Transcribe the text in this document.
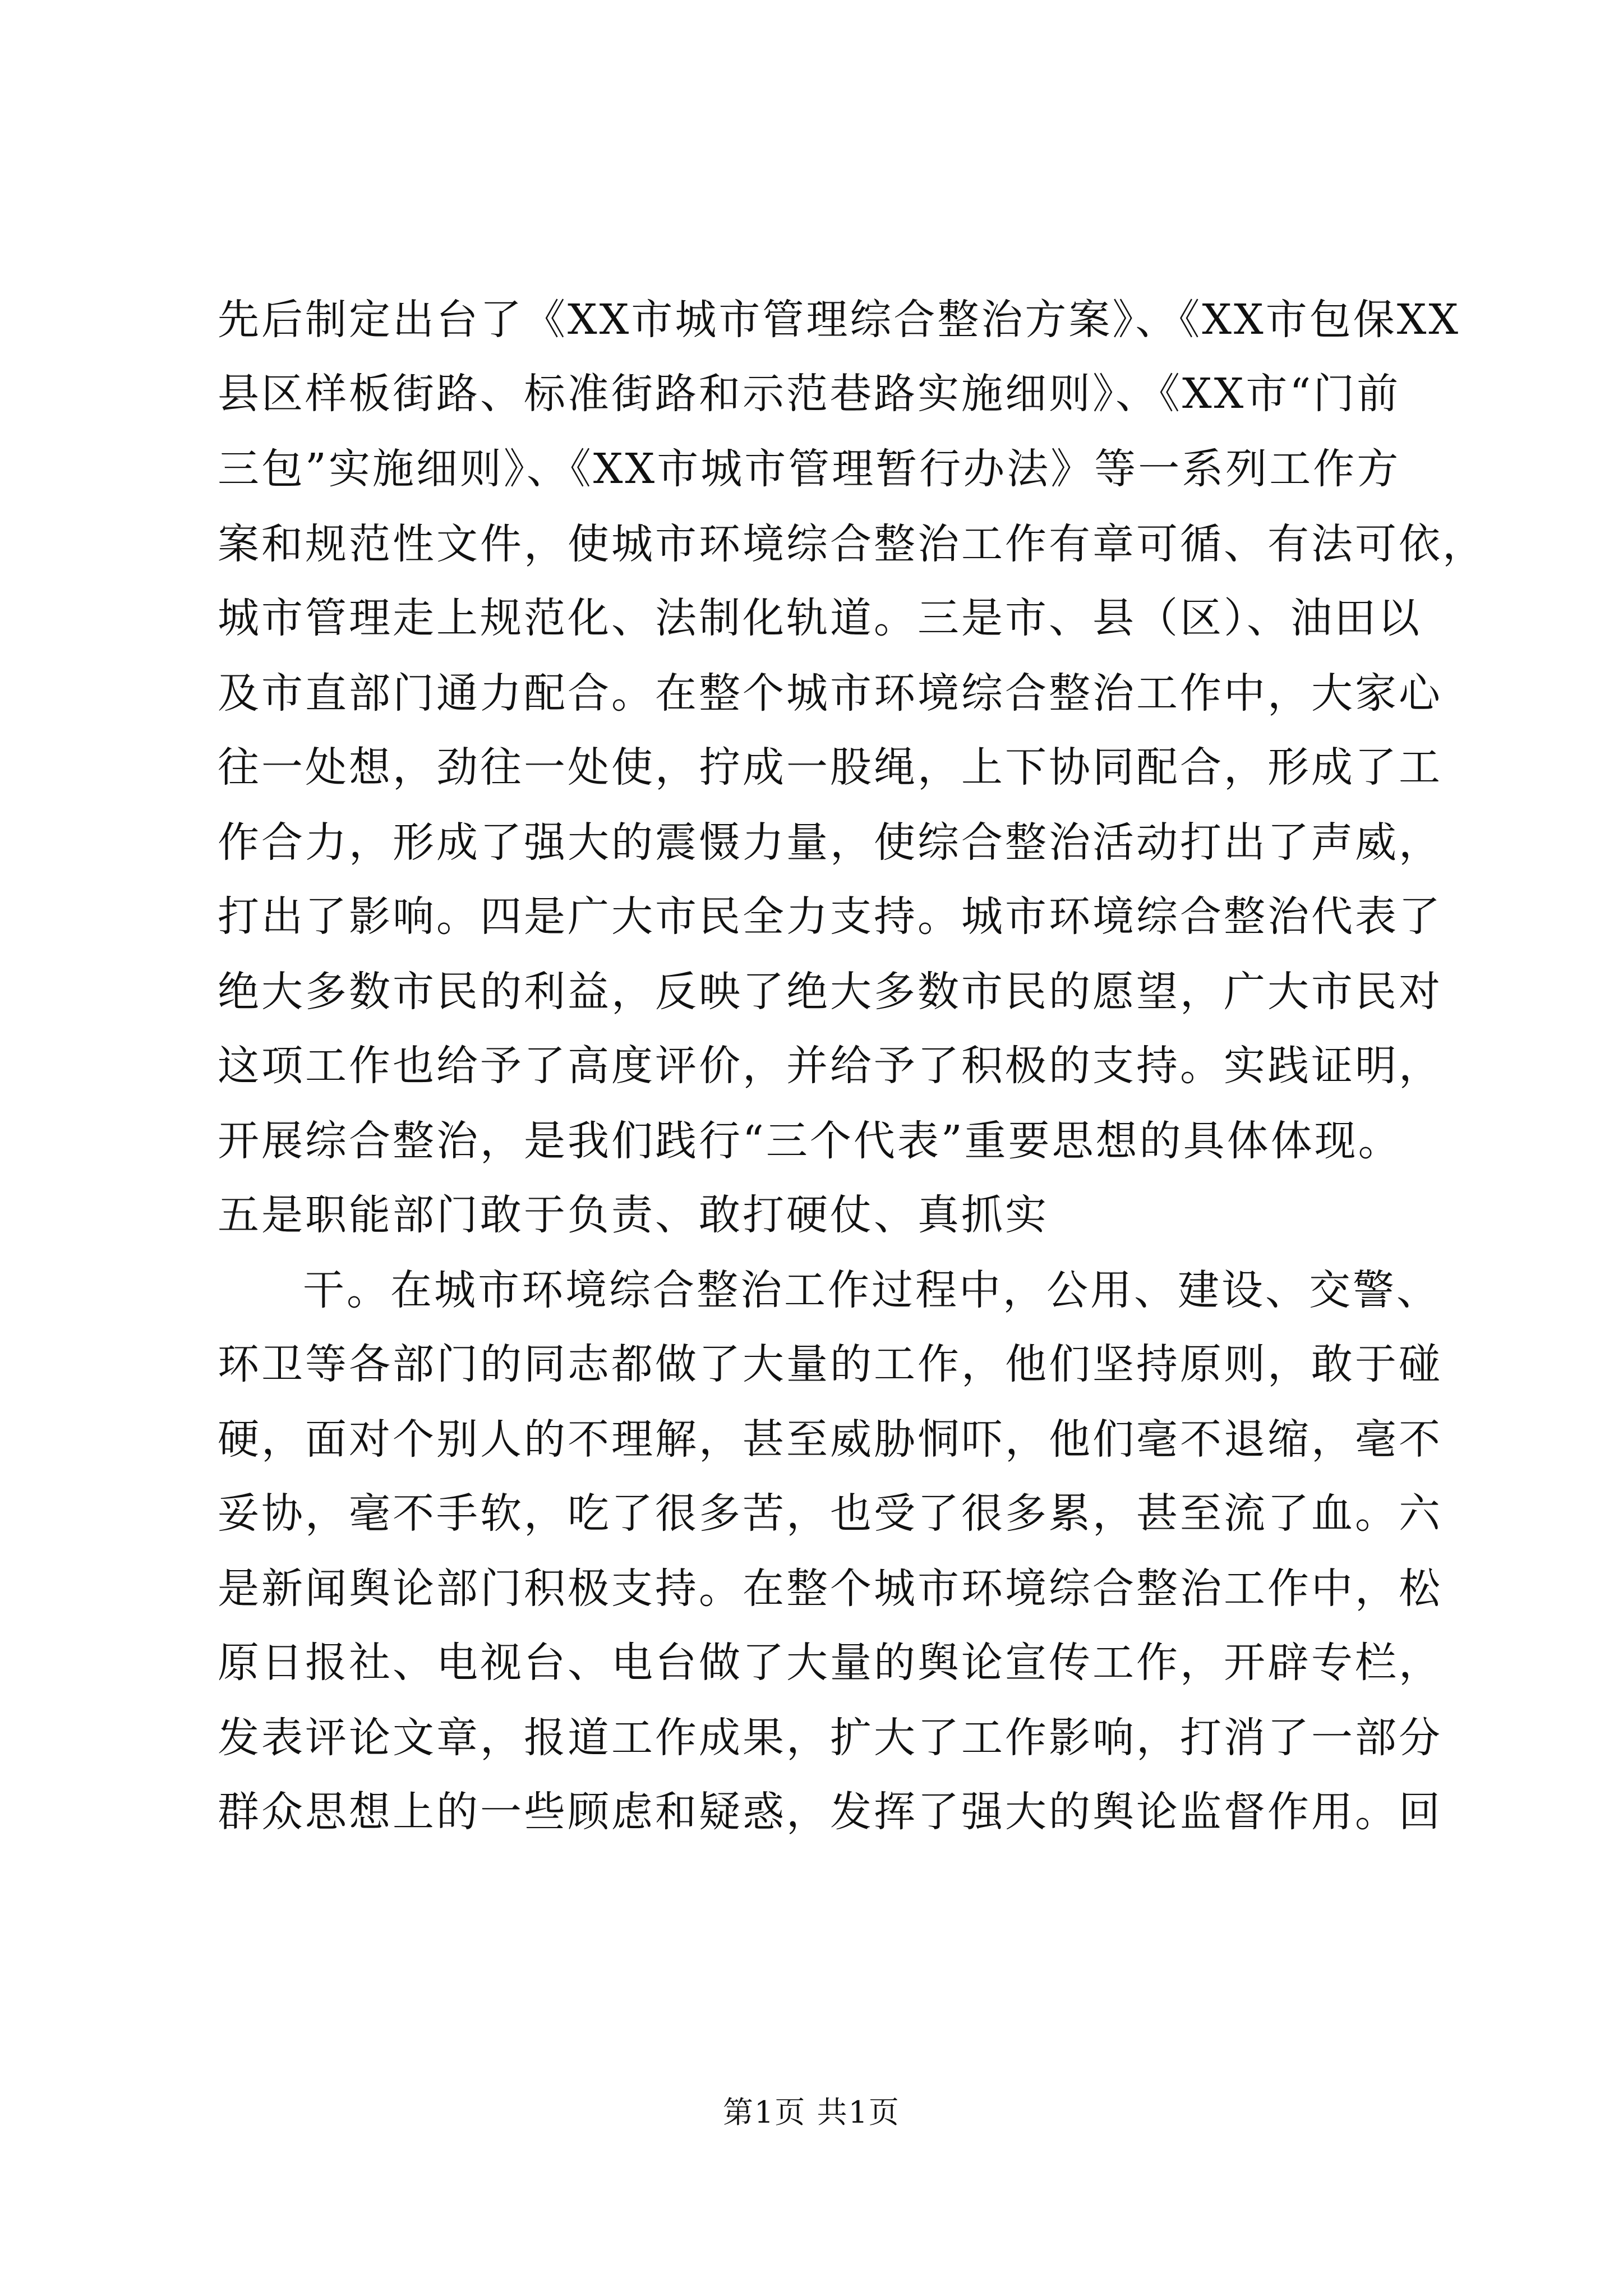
先后制定出台了《XX市城市管理综合整治方案》、《XX市包保XX
县区样板街路、标准街路和示范巷路实施细则》、《XX市“门前
三包”实施细则》、《XX市城市管理暂行办法》等一系列工作方
案和规范性文件，使城市环境综合整治工作有章可循、有法可依，
城市管理走上规范化、法制化轨道。三是市、县（区）、油田以
及市直部门通力配合。在整个城市环境综合整治工作中，大家心
往一处想，劲往一处使，拧成一股绳，上下协同配合，形成了工
作合力，形成了强大的震慑力量，使综合整治活动打出了声威，
打出了影响。四是广大市民全力支持。城市环境综合整治代表了
绝大多数市民的利益，反映了绝大多数市民的愿望，广大市民对
这项工作也给予了高度评价，并给予了积极的支持。实践证明，
开展综合整治，是我们践行“三个代表”重要思想的具体体现。
五是职能部门敢于负责、敢打硬仗、真抓实
干。在城市环境综合整治工作过程中，公用、建设、交警、
环卫等各部门的同志都做了大量的工作，他们坚持原则，敢于碰
硬，面对个别人的不理解，甚至威胁恫吓，他们毫不退缩，毫不
妥协，毫不手软，吃了很多苦，也受了很多累，甚至流了血。六
是新闻舆论部门积极支持。在整个城市环境综合整治工作中，松
原日报社、电视台、电台做了大量的舆论宣传工作，开辟专栏，
发表评论文章，报道工作成果，扩大了工作影响，打消了一部分
群众思想上的一些顾虑和疑惑，发挥了强大的舆论监督作用。回
第1页 共1页
